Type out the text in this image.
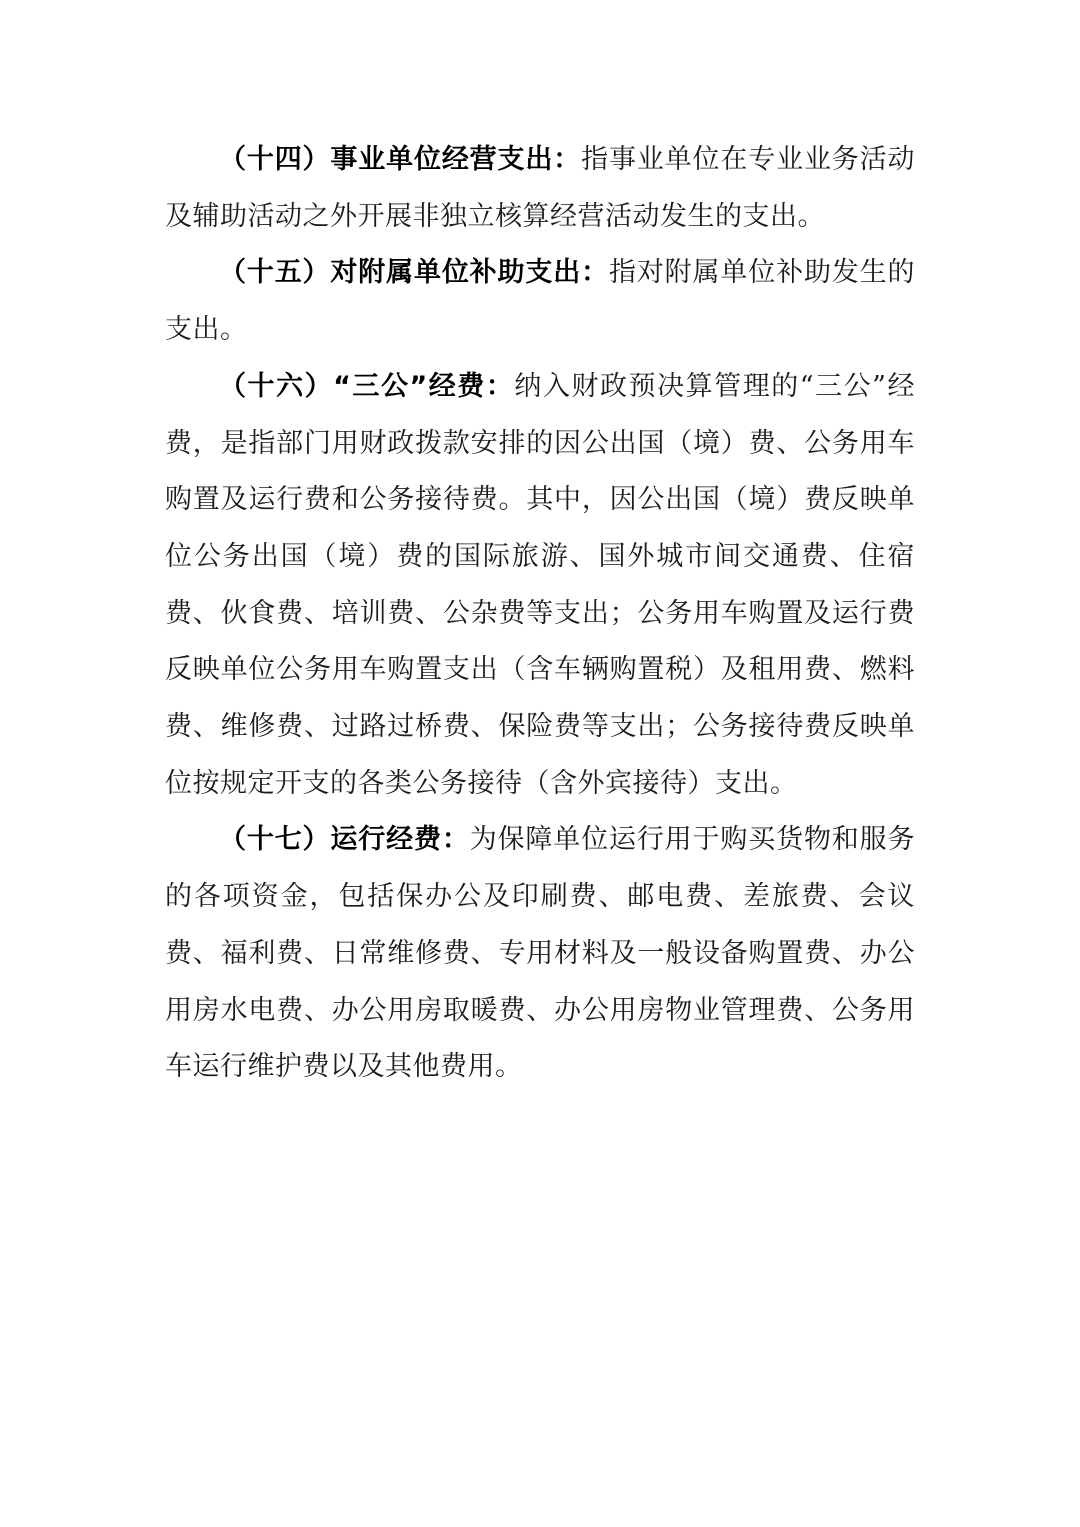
（十四）事业单位经营支出：指事业单位在专业业务活动及辅助活动之外开展非独立核算经营活动发生的支出。

（十五）对附属单位补助支出：指对附属单位补助发生的支出。

（十六）“三公”经费：纳入财政预决算管理的“三公”经费，是指部门用财政拨款安排的因公出国（境）费、公务用车购置及运行费和公务接待费。其中，因公出国（境）费反映单位公务出国（境）费的国际旅游、国外城市间交通费、住宿费、伙食费、培训费、公杂费等支出；公务用车购置及运行费反映单位公务用车购置支出（含车辆购置税）及租用费、燃料费、维修费、过路过桥费、保险费等支出；公务接待费反映单位按规定开支的各类公务接待（含外宾接待）支出。

（十七）运行经费：为保障单位运行用于购买货物和服务的各项资金，包括保办公及印刷费、邮电费、差旅费、会议费、福利费、日常维修费、专用材料及一般设备购置费、办公用房水电费、办公用房取暖费、办公用房物业管理费、公务用车运行维护费以及其他费用。
